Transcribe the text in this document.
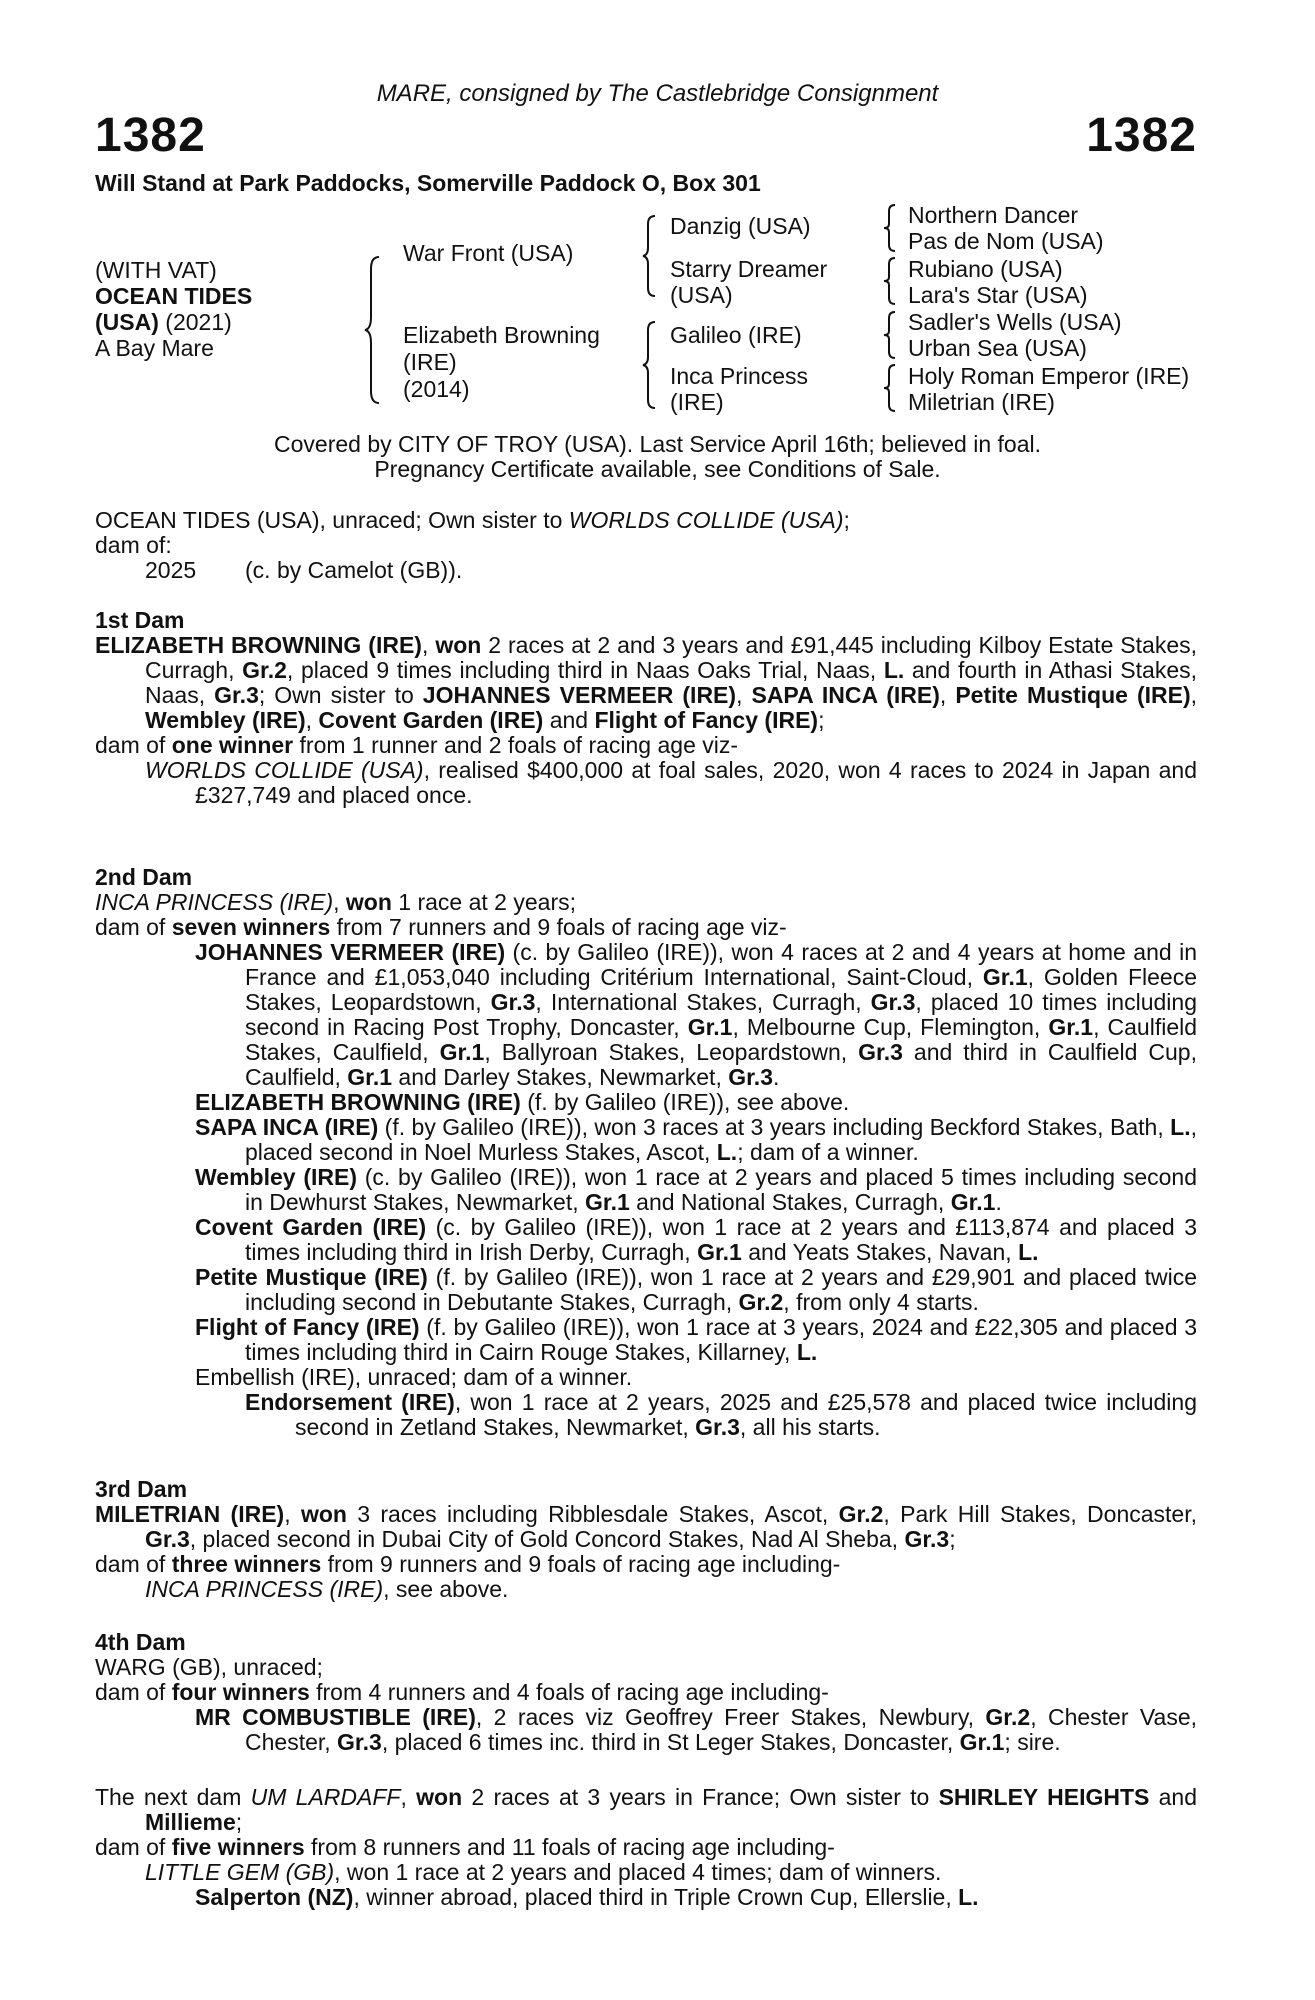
MARE, consigned by The Castlebridge Consignment
1382	1382
Will Stand at Park Paddocks, Somerville Paddock O, Box 301
(WITH VAT)
OCEAN TIDES
(USA) (2021)
A Bay Mare
War Front (USA)
Elizabeth Browning
(IRE)
(2014)
Danzig (USA)
Starry Dreamer
(USA)
Galileo (IRE)
Inca Princess
(IRE)
Northern Dancer
Pas de Nom (USA)
Rubiano (USA)
Lara's Star (USA)
Sadler's Wells (USA)
Urban Sea (USA)
Holy Roman Emperor (IRE)
Miletrian (IRE)
Covered by CITY OF TROY (USA). Last Service April 16th; believed in foal.
Pregnancy Certificate available, see Conditions of Sale.

OCEAN TIDES (USA), unraced; Own sister to WORLDS COLLIDE (USA);

dam of:

2025 (c. by Camelot (GB)).

1st Dam

ELIZABETH BROWNING (IRE), won 2 races at 2 and 3 years and £91,445 including Kilboy Estate Stakes, Curragh, Gr.2, placed 9 times including third in Naas Oaks Trial, Naas, L. and fourth in Athasi Stakes, Naas, Gr.3; Own sister to JOHANNES VERMEER (IRE), SAPA INCA (IRE), Petite Mustique (IRE), Wembley (IRE), Covent Garden (IRE) and Flight of Fancy (IRE);

dam of one winner from 1 runner and 2 foals of racing age viz-

WORLDS COLLIDE (USA), realised $400,000 at foal sales, 2020, won 4 races to 2024 in Japan and £327,749 and placed once.

2nd Dam

INCA PRINCESS (IRE), won 1 race at 2 years;

dam of seven winners from 7 runners and 9 foals of racing age viz-

JOHANNES VERMEER (IRE) (c. by Galileo (IRE)), won 4 races at 2 and 4 years at home and in France and £1,053,040 including Critérium International, Saint-Cloud, Gr.1, Golden Fleece Stakes, Leopardstown, Gr.3, International Stakes, Curragh, Gr.3, placed 10 times including second in Racing Post Trophy, Doncaster, Gr.1, Melbourne Cup, Flemington, Gr.1, Caulfield Stakes, Caulfield, Gr.1, Ballyroan Stakes, Leopardstown, Gr.3 and third in Caulfield Cup, Caulfield, Gr.1 and Darley Stakes, Newmarket, Gr.3.

ELIZABETH BROWNING (IRE) (f. by Galileo (IRE)), see above.

SAPA INCA (IRE) (f. by Galileo (IRE)), won 3 races at 3 years including Beckford Stakes, Bath, L., placed second in Noel Murless Stakes, Ascot, L.; dam of a winner.

Wembley (IRE) (c. by Galileo (IRE)), won 1 race at 2 years and placed 5 times including second in Dewhurst Stakes, Newmarket, Gr.1 and National Stakes, Curragh, Gr.1.

Covent Garden (IRE) (c. by Galileo (IRE)), won 1 race at 2 years and £113,874 and placed 3 times including third in Irish Derby, Curragh, Gr.1 and Yeats Stakes, Navan, L.

Petite Mustique (IRE) (f. by Galileo (IRE)), won 1 race at 2 years and £29,901 and placed twice including second in Debutante Stakes, Curragh, Gr.2, from only 4 starts.

Flight of Fancy (IRE) (f. by Galileo (IRE)), won 1 race at 3 years, 2024 and £22,305 and placed 3 times including third in Cairn Rouge Stakes, Killarney, L.

Embellish (IRE), unraced; dam of a winner.

Endorsement (IRE), won 1 race at 2 years, 2025 and £25,578 and placed twice including second in Zetland Stakes, Newmarket, Gr.3, all his starts.

3rd Dam

MILETRIAN (IRE), won 3 races including Ribblesdale Stakes, Ascot, Gr.2, Park Hill Stakes, Doncaster, Gr.3, placed second in Dubai City of Gold Concord Stakes, Nad Al Sheba, Gr.3;

dam of three winners from 9 runners and 9 foals of racing age including-

INCA PRINCESS (IRE), see above.

4th Dam

WARG (GB), unraced;

dam of four winners from 4 runners and 4 foals of racing age including-

MR COMBUSTIBLE (IRE), 2 races viz Geoffrey Freer Stakes, Newbury, Gr.2, Chester Vase, Chester, Gr.3, placed 6 times inc. third in St Leger Stakes, Doncaster, Gr.1; sire.

The next dam UM LARDAFF, won 2 races at 3 years in France; Own sister to SHIRLEY HEIGHTS and Millieme;

dam of five winners from 8 runners and 11 foals of racing age including-

LITTLE GEM (GB), won 1 race at 2 years and placed 4 times; dam of winners.

Salperton (NZ), winner abroad, placed third in Triple Crown Cup, Ellerslie, L.
